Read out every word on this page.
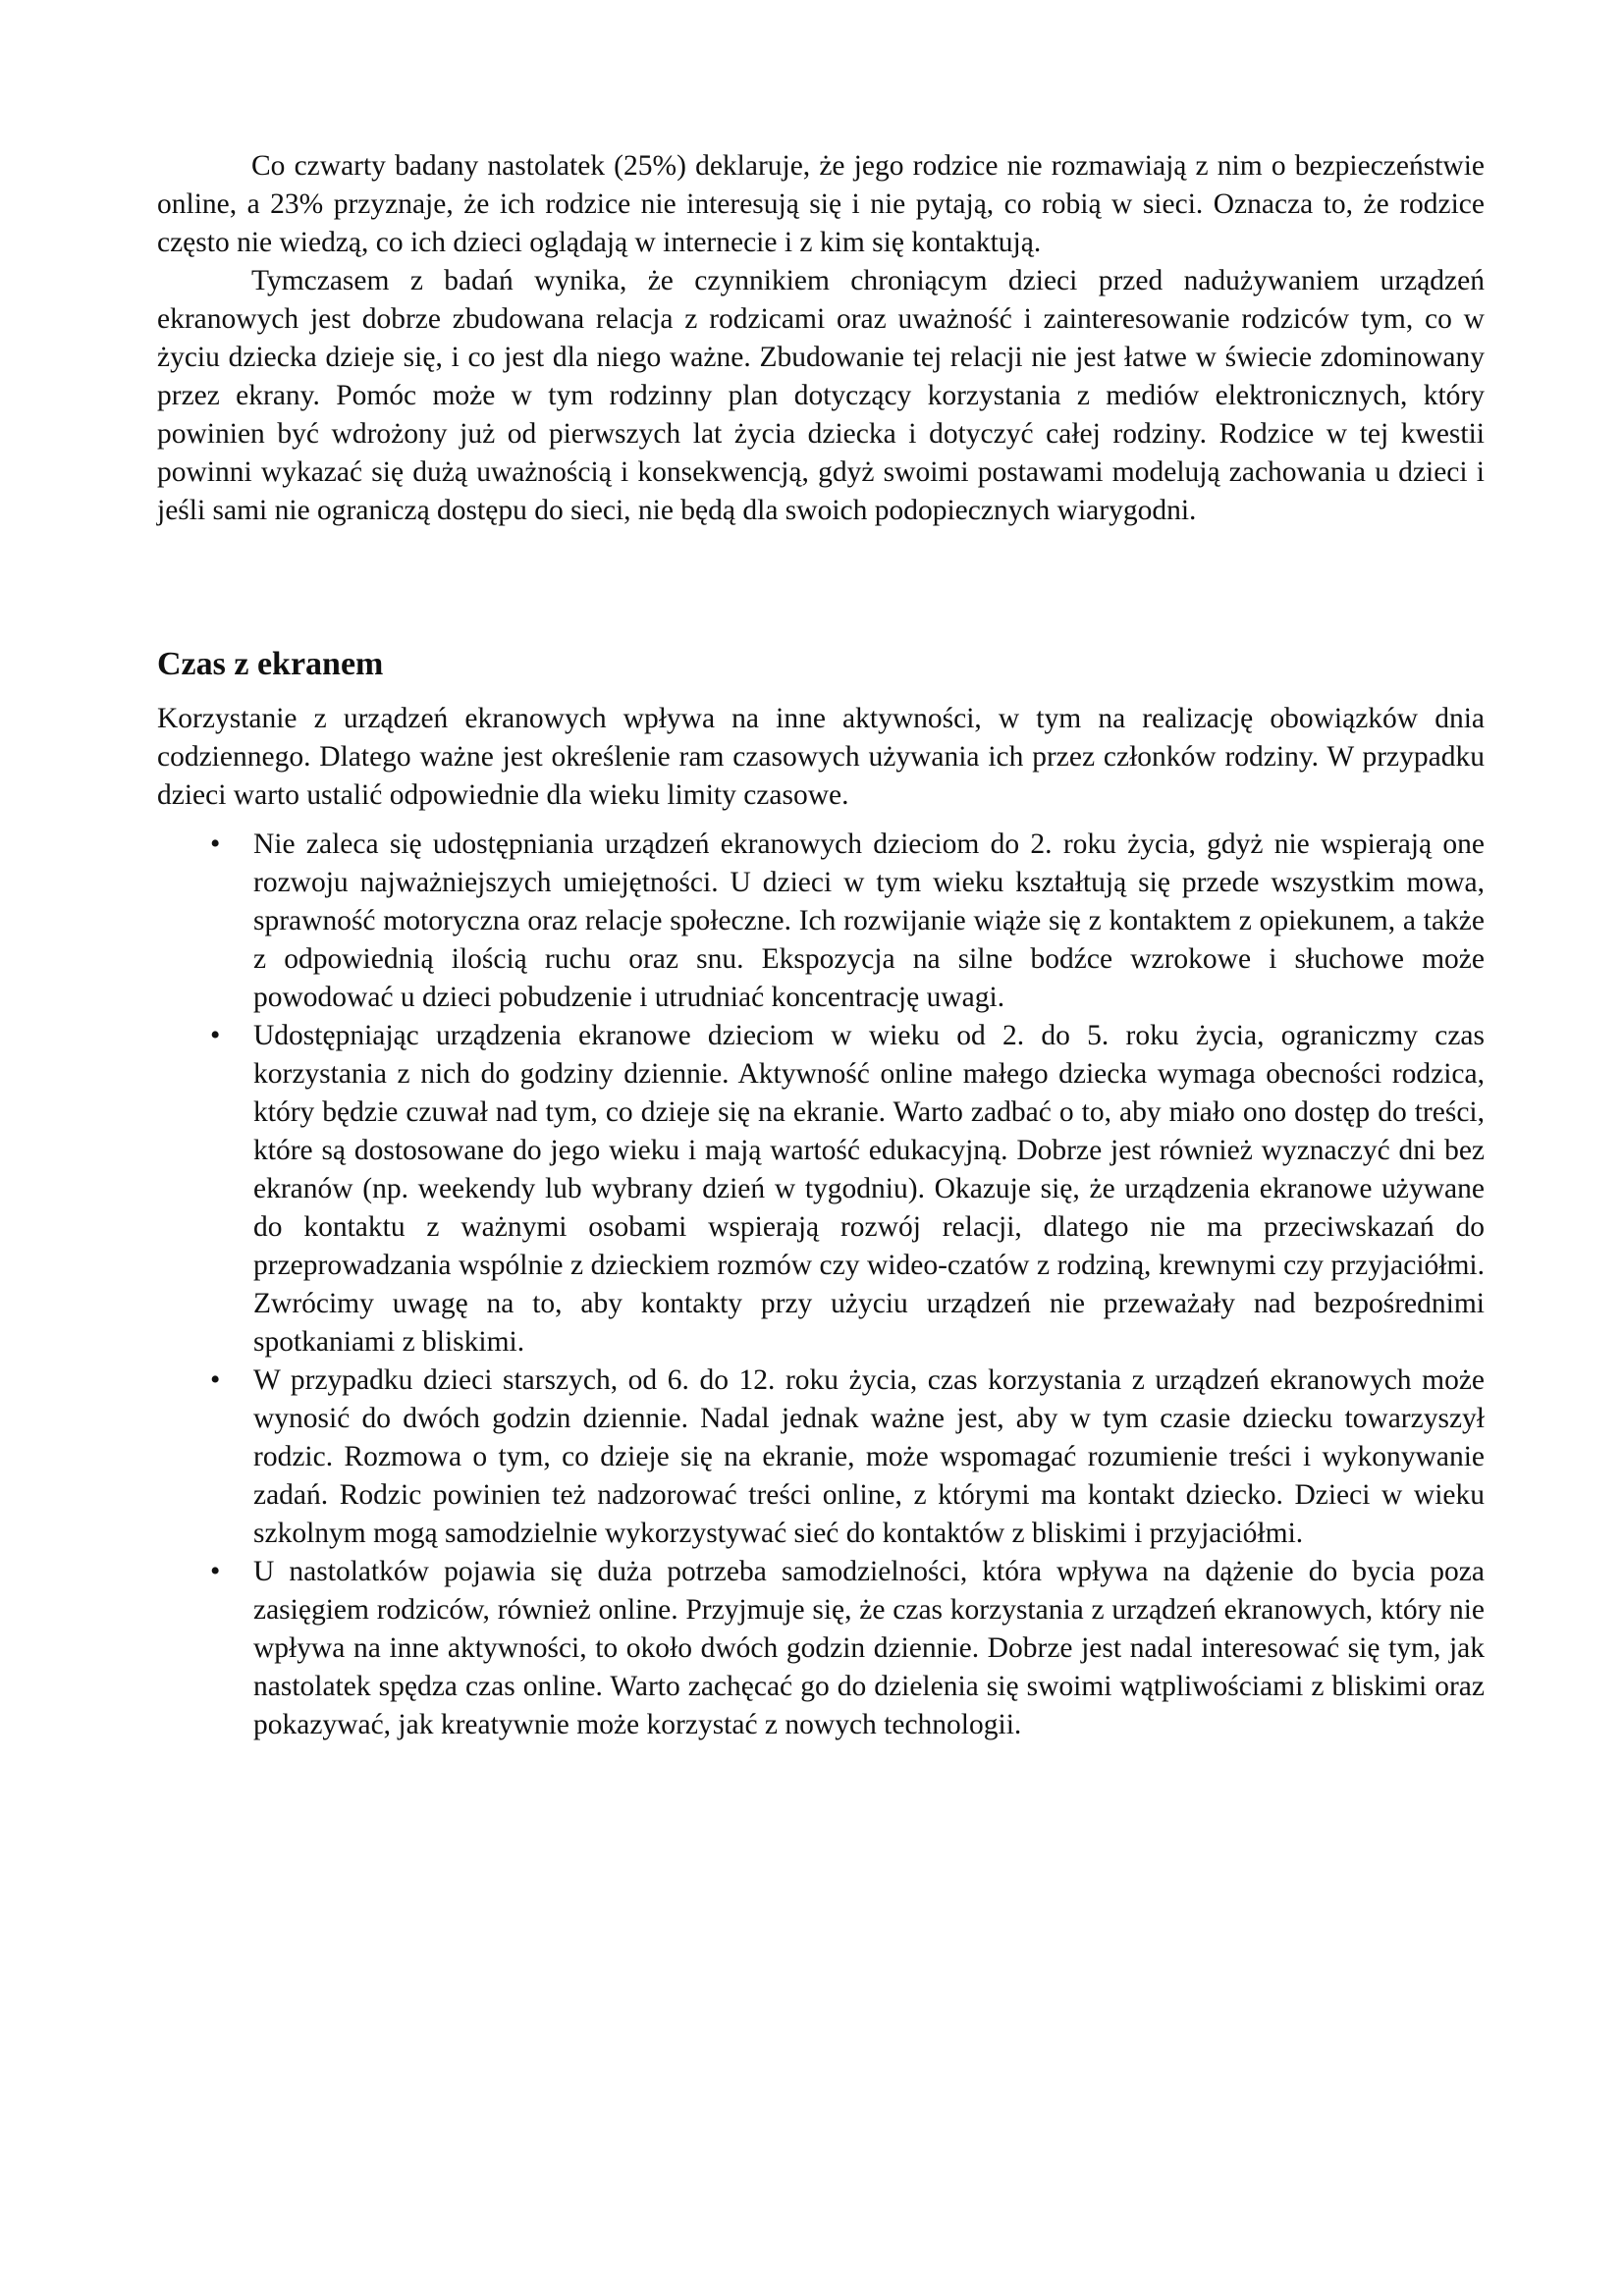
Co czwarty badany nastolatek (25%) deklaruje, że jego rodzice nie rozmawiają z nim o bezpieczeństwie online, a 23% przyznaje, że ich rodzice nie interesują się i nie pytają, co robią w sieci. Oznacza to, że rodzice często nie wiedzą, co ich dzieci oglądają w internecie i z kim się kontaktują.

Tymczasem z badań wynika, że czynnikiem chroniącym dzieci przed nadużywaniem urządzeń ekranowych jest dobrze zbudowana relacja z rodzicami oraz uważność i zainteresowanie rodziców tym, co w życiu dziecka dzieje się, i co jest dla niego ważne. Zbudowanie tej relacji nie jest łatwe w świecie zdominowany przez ekrany. Pomóc może w tym rodzinny plan dotyczący korzystania z mediów elektronicznych, który powinien być wdrożony już od pierwszych lat życia dziecka i dotyczyć całej rodziny. Rodzice w tej kwestii powinni wykazać się dużą uważnością i konsekwencją, gdyż swoimi postawami modelują zachowania u dzieci i jeśli sami nie ograniczą dostępu do sieci, nie będą dla swoich podopiecznych wiarygodni.

Czas z ekranem

Korzystanie z urządzeń ekranowych wpływa na inne aktywności, w tym na realizację obowiązków dnia codziennego. Dlatego ważne jest określenie ram czasowych używania ich przez członków rodziny. W przypadku dzieci warto ustalić odpowiednie dla wieku limity czasowe.

• Nie zaleca się udostępniania urządzeń ekranowych dzieciom do 2. roku życia, gdyż nie wspierają one rozwoju najważniejszych umiejętności. U dzieci w tym wieku kształtują się przede wszystkim mowa, sprawność motoryczna oraz relacje społeczne. Ich rozwijanie wiąże się z kontaktem z opiekunem, a także z odpowiednią ilością ruchu oraz snu. Ekspozycja na silne bodźce wzrokowe i słuchowe może powodować u dzieci pobudzenie i utrudniać koncentrację uwagi.

• Udostępniając urządzenia ekranowe dzieciom w wieku od 2. do 5. roku życia, ograniczmy czas korzystania z nich do godziny dziennie. Aktywność online małego dziecka wymaga obecności rodzica, który będzie czuwał nad tym, co dzieje się na ekranie. Warto zadbać o to, aby miało ono dostęp do treści, które są dostosowane do jego wieku i mają wartość edukacyjną. Dobrze jest również wyznaczyć dni bez ekranów (np. weekendy lub wybrany dzień w tygodniu). Okazuje się, że urządzenia ekranowe używane do kontaktu z ważnymi osobami wspierają rozwój relacji, dlatego nie ma przeciwskazań do przeprowadzania wspólnie z dzieckiem rozmów czy wideo-czatów z rodziną, krewnymi czy przyjaciółmi. Zwrócimy uwagę na to, aby kontakty przy użyciu urządzeń nie przeważały nad bezpośrednimi spotkaniami z bliskimi.

• W przypadku dzieci starszych, od 6. do 12. roku życia, czas korzystania z urządzeń ekranowych może wynosić do dwóch godzin dziennie. Nadal jednak ważne jest, aby w tym czasie dziecku towarzyszył rodzic. Rozmowa o tym, co dzieje się na ekranie, może wspomagać rozumienie treści i wykonywanie zadań. Rodzic powinien też nadzorować treści online, z którymi ma kontakt dziecko. Dzieci w wieku szkolnym mogą samodzielnie wykorzystywać sieć do kontaktów z bliskimi i przyjaciółmi.

• U nastolatków pojawia się duża potrzeba samodzielności, która wpływa na dążenie do bycia poza zasięgiem rodziców, również online. Przyjmuje się, że czas korzystania z urządzeń ekranowych, który nie wpływa na inne aktywności, to około dwóch godzin dziennie. Dobrze jest nadal interesować się tym, jak nastolatek spędza czas online. Warto zachęcać go do dzielenia się swoimi wątpliwościami z bliskimi oraz pokazywać, jak kreatywnie może korzystać z nowych technologii.
